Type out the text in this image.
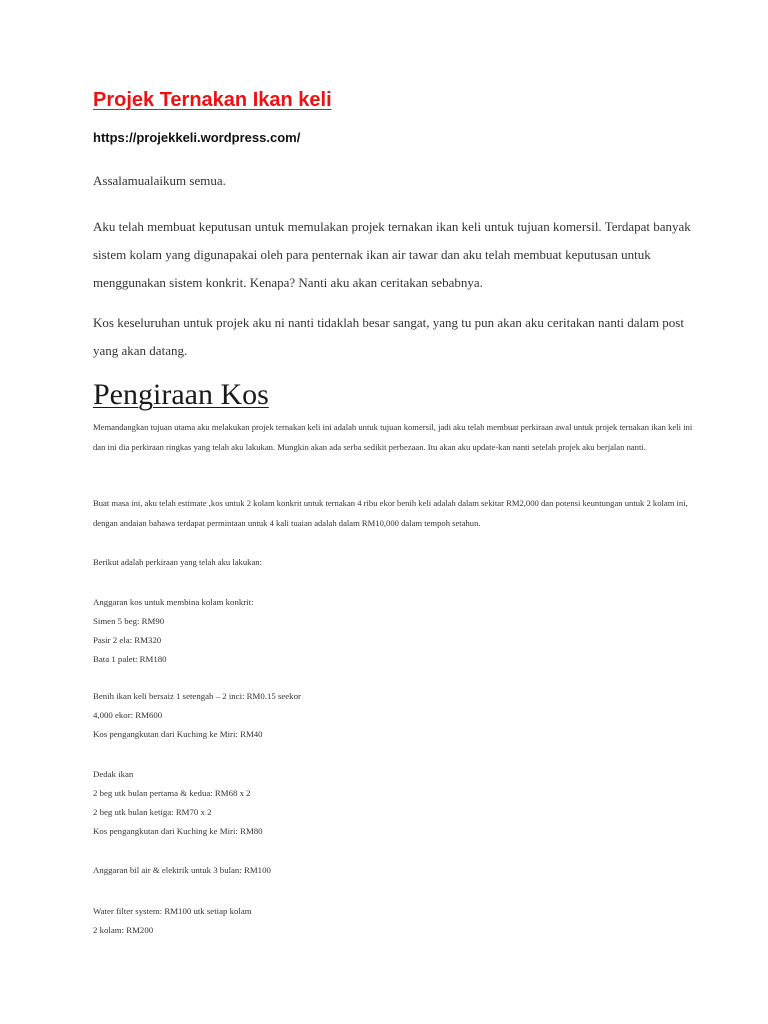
Projek Ternakan Ikan keli
https://projekkeli.wordpress.com/
Assalamualaikum semua.
Aku telah membuat keputusan untuk memulakan projek ternakan ikan keli untuk tujuan komersil. Terdapat banyak sistem kolam yang digunapakai oleh para penternak ikan air tawar dan aku telah membuat keputusan untuk menggunakan sistem konkrit. Kenapa? Nanti aku akan ceritakan sebabnya.
Kos keseluruhan untuk projek aku ni nanti tidaklah besar sangat, yang tu pun akan aku ceritakan nanti dalam post yang akan datang.
Pengiraan Kos
Memandangkan tujuan utama aku melakukan projek ternakan keli ini adalah untuk tujuan komersil, jadi aku telah membuat perkiraan awal untuk projek ternakan ikan keli ini dan ini dia perkiraan ringkas yang telah aku lakukan. Mungkin akan ada serba sedikit perbezaan. Itu akan aku update-kan nanti setelah projek aku berjalan nanti.
Buat masa ini, aku telah estimate ,kos untuk 2 kolam konkrit untuk ternakan 4 ribu ekor benih keli adalah dalam sekitar RM2,000 dan potensi keuntungan untuk 2 kolam ini, dengan andaian bahawa terdapat permintaan untuk 4 kali tuaian adalah dalam RM10,000 dalam tempoh setahun.
Berikut adalah perkiraan yang telah aku lakukan:
Anggaran kos untuk membina kolam konkrit:
Simen 5 beg: RM90
Pasir 2 ela: RM320
Bata 1 palet: RM180
Benih ikan keli bersaiz 1 setengah – 2 inci: RM0.15 seekor
4,000 ekor: RM600
Kos pengangkutan dari Kuching ke Miri: RM40
Dedak ikan
2 beg utk bulan pertama & kedua: RM68 x 2
2 beg utk bulan ketiga: RM70 x 2
Kos pengangkutan dari Kuching ke Miri: RM80
Anggaran bil air & elektrik untuk 3 bulan: RM100
Water filter system: RM100 utk setiap kolam
2 kolam: RM200
